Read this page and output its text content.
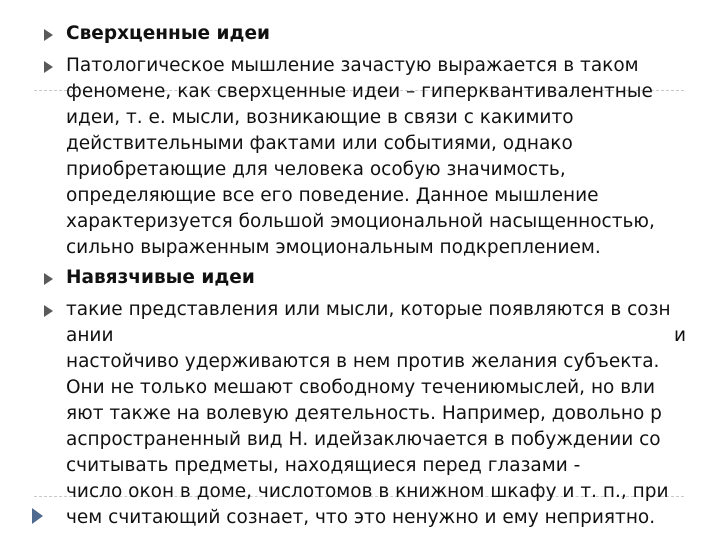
Сверхценные идеи
Патологическое мышление зачастую выражается в таком
феномене, как сверхценные идеи – гиперквантивалентные
идеи, т. е. мысли, возникающие в связи с какимито
действительными фактами или событиями, однако
приобретающие для человека особую значимость,
определяющие все его поведение. Данное мышление
характеризуется большой эмоциональной насыщенностью,
сильно выраженным эмоциональным подкреплением.
Навязчивые идеи
такие представления или мысли, которые появляются в созн
ании	и
настойчиво удерживаются в нем против желания субъекта.
Они не только мешают свободному течениюмыслей, но вли
яют также на волевую деятельность. Например, довольно р
аспространенный вид Н. идейзаключается в побуждении со
считывать предметы, находящиеся перед глазами -
число окон в доме, числотомов в книжном шкафу и т. п., при
чем считающий сознает, что это ненужно и ему неприятно.
